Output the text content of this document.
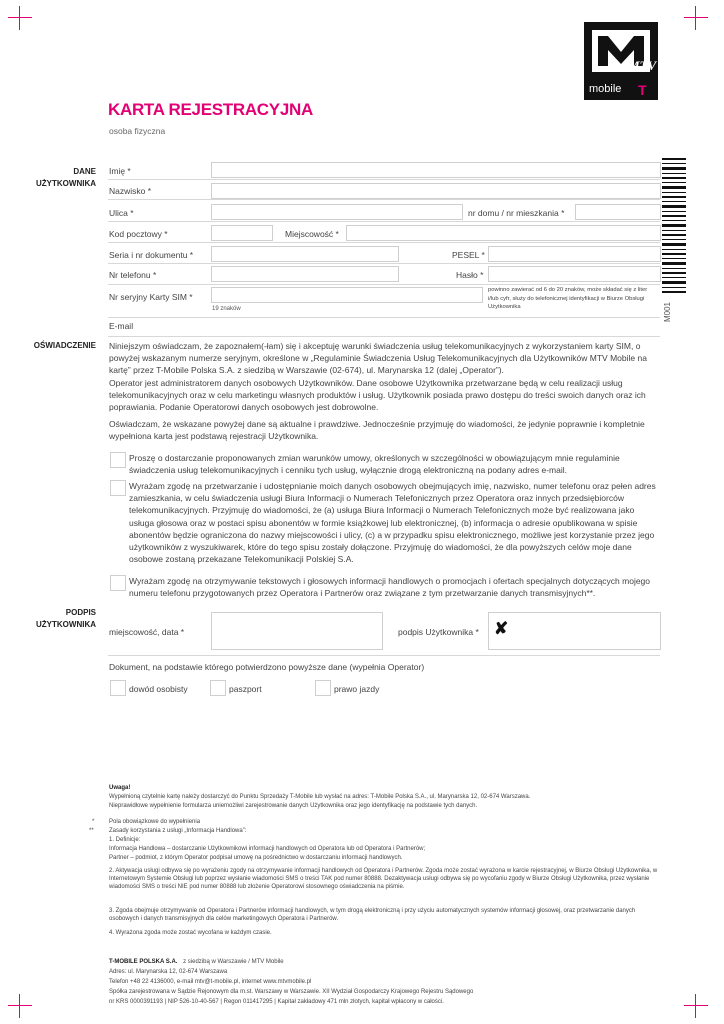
MTV
mobile T
KARTA REJESTRACYJNA
osoba fizyczna
M001
DANE UŻYTKOWNIKA
OŚWIADCZENIE
PODPIS UŻYTKOWNIKA
Imię *
Nazwisko *
Ulica *	nr domu / nr mieszkania *
Kod pocztowy *	Miejscowość *
Seria i nr dokumentu *	PESEL *
Nr telefonu *	Hasło *
Nr seryjny Karty SIM *
19 znaków
powinno zawierać od 6 do 20 znaków, może składać się z liter i/lub cyfr, służy do telefonicznej identyfikacji w Biurze Obsługi Użytkownika
E-mail
Niniejszym oświadczam, że zapoznałem(-łam) się i akceptuję warunki świadczenia usług telekomunikacyjnych z wykorzystaniem karty SIM, o powyżej wskazanym numerze seryjnym, określone w „Regulaminie Świadczenia Usług Telekomunikacyjnych dla Użytkowników MTV Mobile na kartę” przez T-Mobile Polska S.A. z siedzibą w Warszawie (02-674), ul. Marynarska 12 (dalej „Operator”).
Operator jest administratorem danych osobowych Użytkowników. Dane osobowe Użytkownika przetwarzane będą w celu realizacji usług telekomunikacyjnych oraz w celu marketingu własnych produktów i usług. Użytkownik posiada prawo dostępu do treści swoich danych oraz ich poprawiania. Podanie Operatorowi danych osobowych jest dobrowolne.
Oświadczam, że wskazane powyżej dane są aktualne i prawdziwe. Jednocześnie przyjmuję do wiadomości, że jedynie poprawnie i kompletnie wypełniona karta jest podstawą rejestracji Użytkownika.
Proszę o dostarczanie proponowanych zmian warunków umowy, określonych w szczególności w obowiązującym mnie regulaminie świadczenia usług telekomunikacyjnych i cenniku tych usług, wyłącznie drogą elektroniczną na podany adres e-mail.
Wyrażam zgodę na przetwarzanie i udostępnianie moich danych osobowych obejmujących imię, nazwisko, numer telefonu oraz pełen adres zamieszkania, w celu świadczenia usługi Biura Informacji o Numerach Telefonicznych przez Operatora oraz innych przedsiębiorców telekomunikacyjnych. Przyjmuję do wiadomości, że (a) usługa Biura Informacji o Numerach Telefonicznych może być realizowana jako usługa głosowa oraz w postaci spisu abonentów w formie książkowej lub elektronicznej, (b) informacja o adresie opublikowana w spisie abonentów będzie ograniczona do nazwy miejscowości i ulicy, (c) a w przypadku spisu elektronicznego, możliwe jest korzystanie przez jego użytkowników z wyszukiwarek, które do tego spisu zostały dołączone. Przyjmuję do wiadomości, że dla powyższych celów moje dane osobowe zostaną przekazane Telekomunikacji Polskiej S.A.
Wyrażam zgodę na otrzymywanie tekstowych i głosowych informacji handlowych o promocjach i ofertach specjalnych dotyczących mojego numeru telefonu przygotowanych przez Operatora i Partnerów oraz związane z tym przetwarzanie danych transmisyjnych**.
miejscowość, data *	podpis Użytkownika * ✘
Dokument, na podstawie którego potwierdzono powyższe dane (wypełnia Operator)
dowód osobisty	paszport	prawo jazdy
Uwaga!
Wypełnioną czytelnie kartę należy dostarczyć do Punktu Sprzedaży T-Mobile lub wysłać na adres: T-Mobile Polska S.A., ul. Marynarska 12, 02-674 Warszawa.
Nieprawidłowe wypełnienie formularza uniemożliwi zarejestrowanie danych Użytkownika oraz jego identyfikację na podstawie tych danych.
* Pola obowiązkowe do wypełnienia
**	Zasady korzystania z usługi „Informacja Handlowa”:
1. Definicje:
Informacja Handlowa – dostarczanie Użytkownikowi informacji handlowych od Operatora lub od Operatora i Partnerów;
Partner – podmiot, z którym Operator podpisał umowę na pośrednictwo w dostarczaniu informacji handlowych.
2. Aktywacja usługi odbywa się po wyrażeniu zgody na otrzymywanie informacji handlowych od Operatora i Partnerów. Zgoda może zostać wyrażona w karcie rejestracyjnej, w Biurze Obsługi Użytkownika, w Internetowym Systemie Obsługi lub poprzez wysłanie wiadomości SMS o treści TAK pod numer 80888. Dezaktywacja usługi odbywa się po wycofaniu zgody w Biurze Obsługi Użytkownika, przez wysłanie wiadomości SMS o treści NIE pod numer 80888 lub złożenie Operatorowi stosownego oświadczenia na piśmie.
3. Zgoda obejmuje otrzymywanie od Operatora i Partnerów informacji handlowych, w tym drogą elektroniczną i przy użyciu automatycznych systemów informacji głosowej, oraz przetwarzanie danych osobowych i danych transmisyjnych dla celów marketingowych Operatora i Partnerów.
4. Wyrażona zgoda może zostać wycofana w każdym czasie.
T-MOBILE POLSKA S.A. z siedzibą w Warszawie / MTV Mobile
Adres: ul. Marynarska 12, 02-674 Warszawa
Telefon +48 22 4136000, e-mail mtv@t-mobile.pl, internet www.mtvmobile.pl
Spółka zarejestrowana w Sądzie Rejonowym dla m.st. Warszawy w Warszawie. XII Wydział Gospodarczy Krajowego Rejestru Sądowego
nr KRS 0000391193 | NIP 526-10-40-567 | Regon 011417295 | Kapitał zakładowy 471 mln złotych, kapitał wpłacony w całości.
